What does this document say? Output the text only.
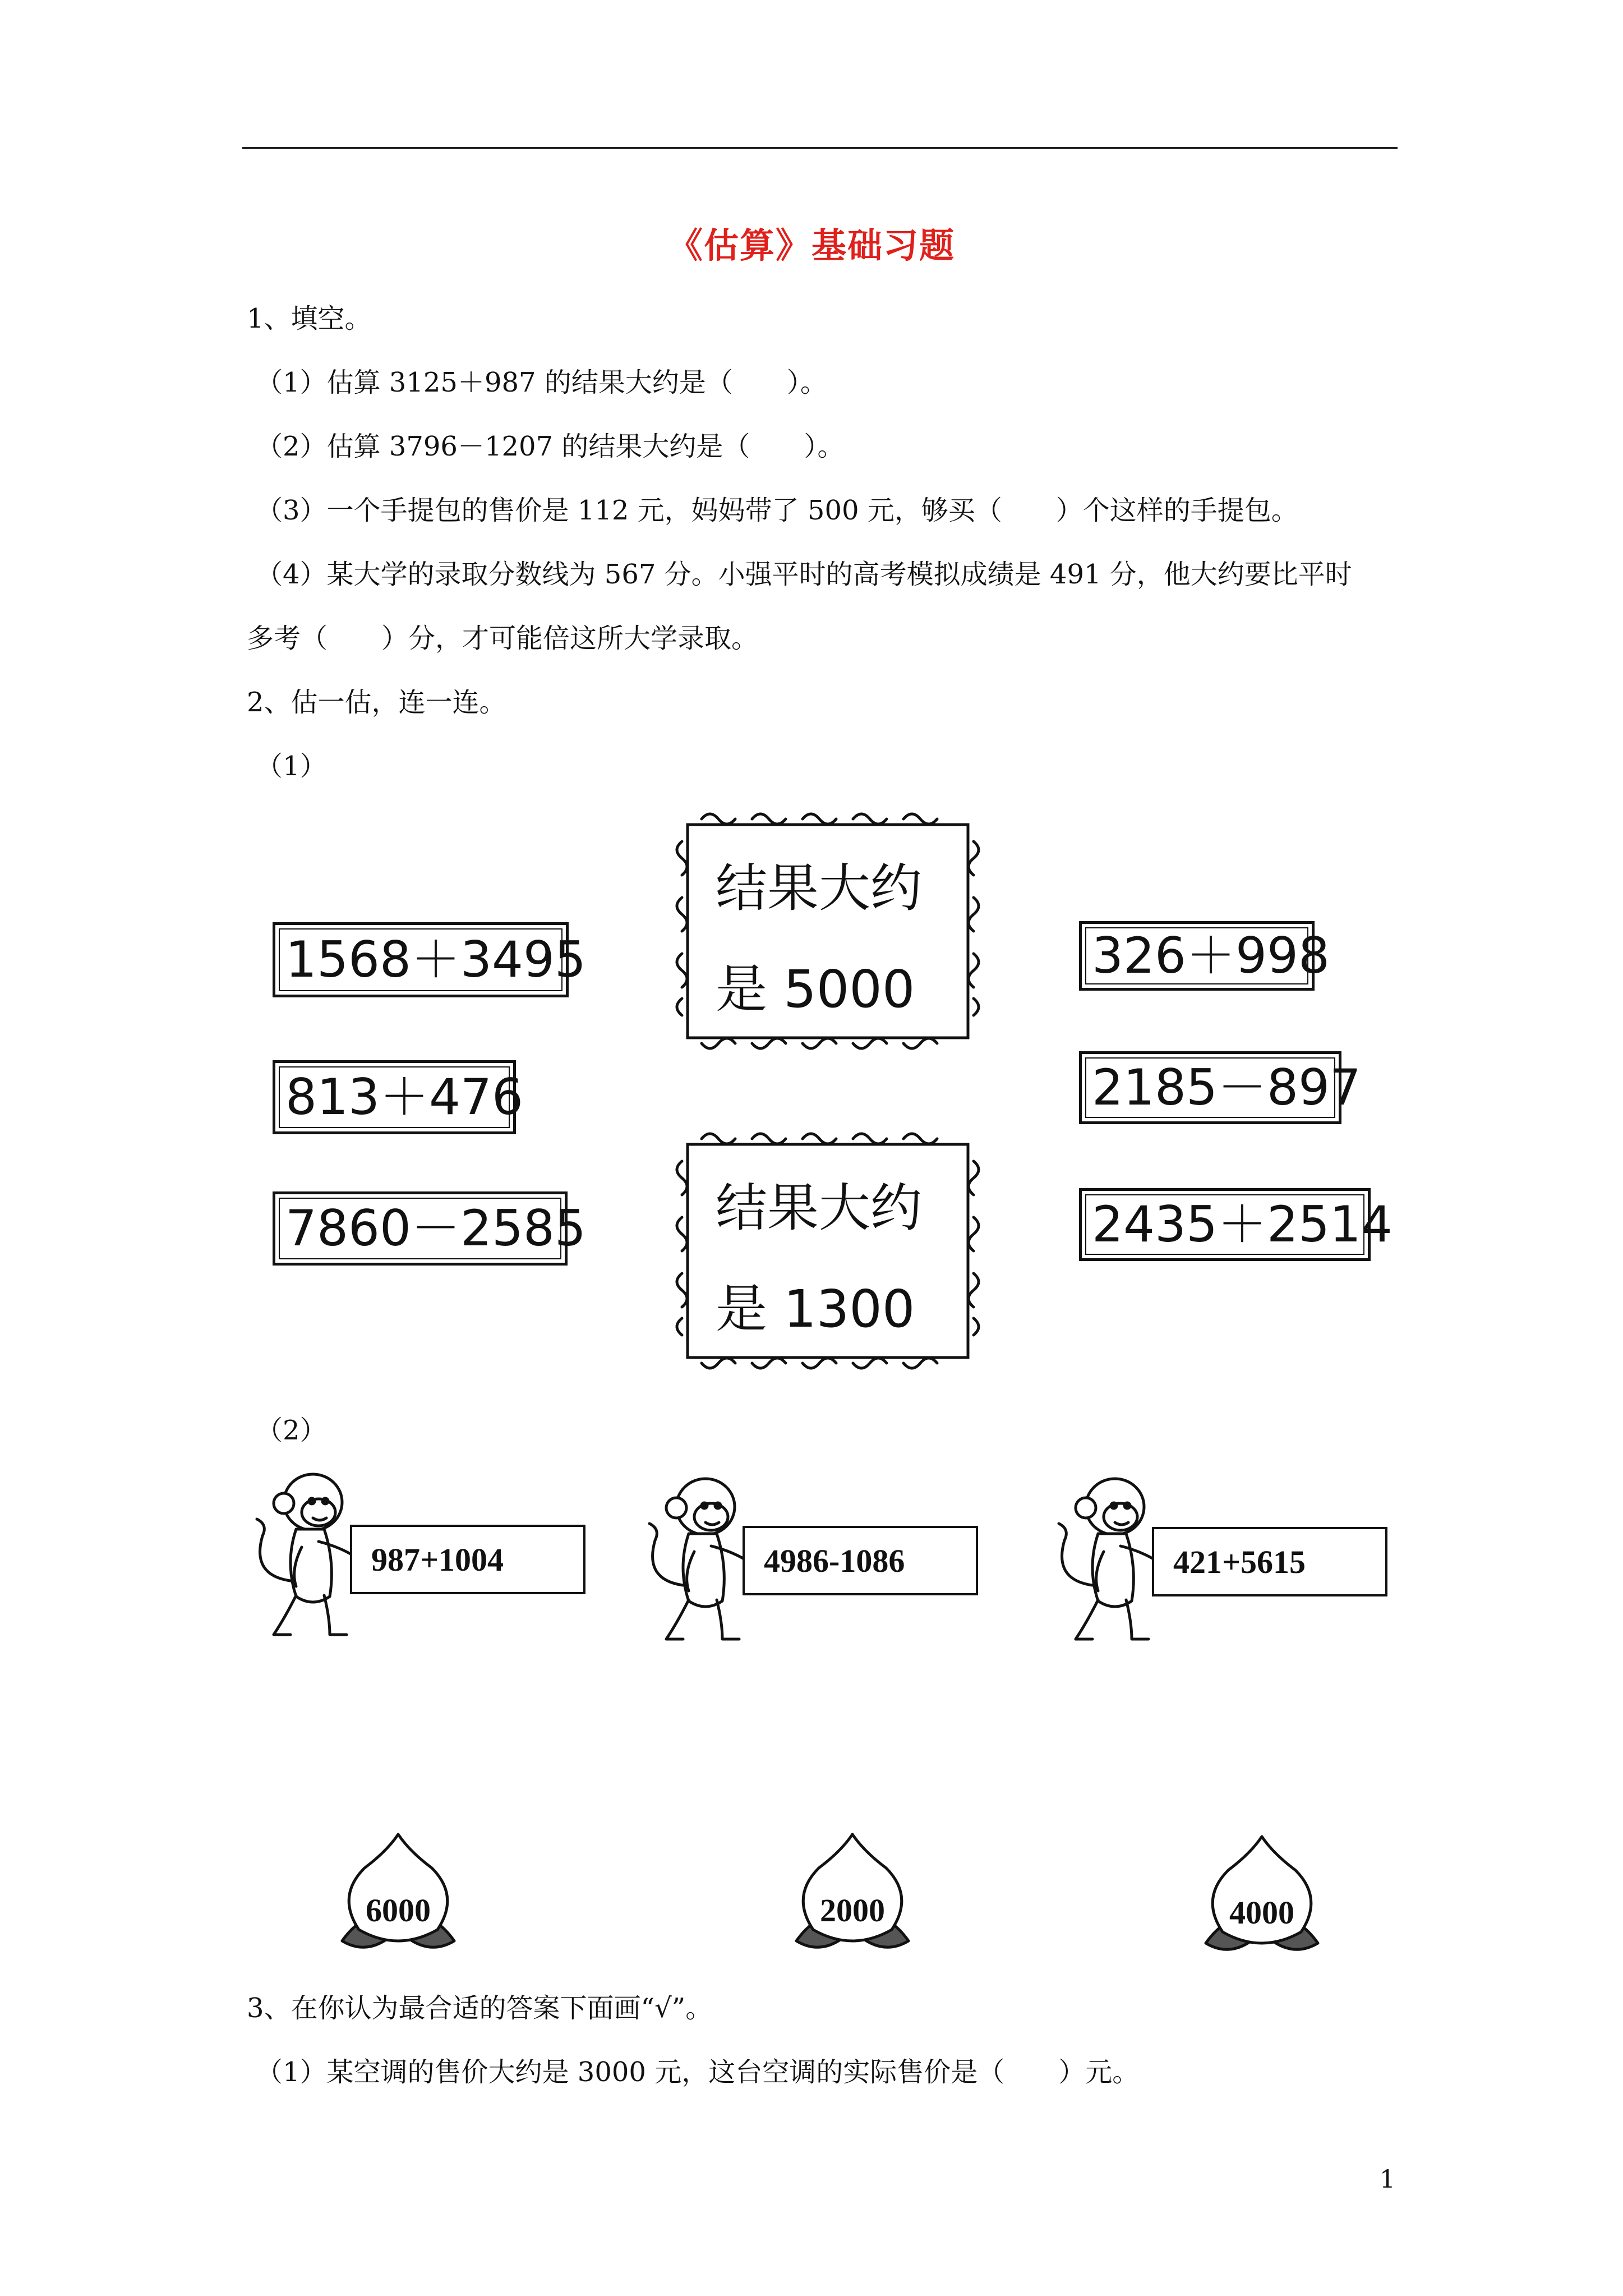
《估算》基础习题
1、填空。
（1）估算 3125＋987 的结果大约是（　　）。
（2）估算 3796－1207 的结果大约是（　　）。
（3）一个手提包的售价是 112 元，妈妈带了 500 元，够买（　　）个这样的手提包。
（4）某大学的录取分数线为 567 分。小强平时的高考模拟成绩是 491 分，他大约要比平时
多考（　　）分，才可能倍这所大学录取。
2、估一估，连一连。
（1）
1568＋3495
813＋476
7860－2585
326＋998
2185－897
2435＋2514
结果大约
是 5000
结果大约
是 1300
（2）
987+1004	4986-1086	421+5615
6000	2000	4000
3、在你认为最合适的答案下面画“√”。
（1）某空调的售价大约是 3000 元，这台空调的实际售价是（　　）元。
1
